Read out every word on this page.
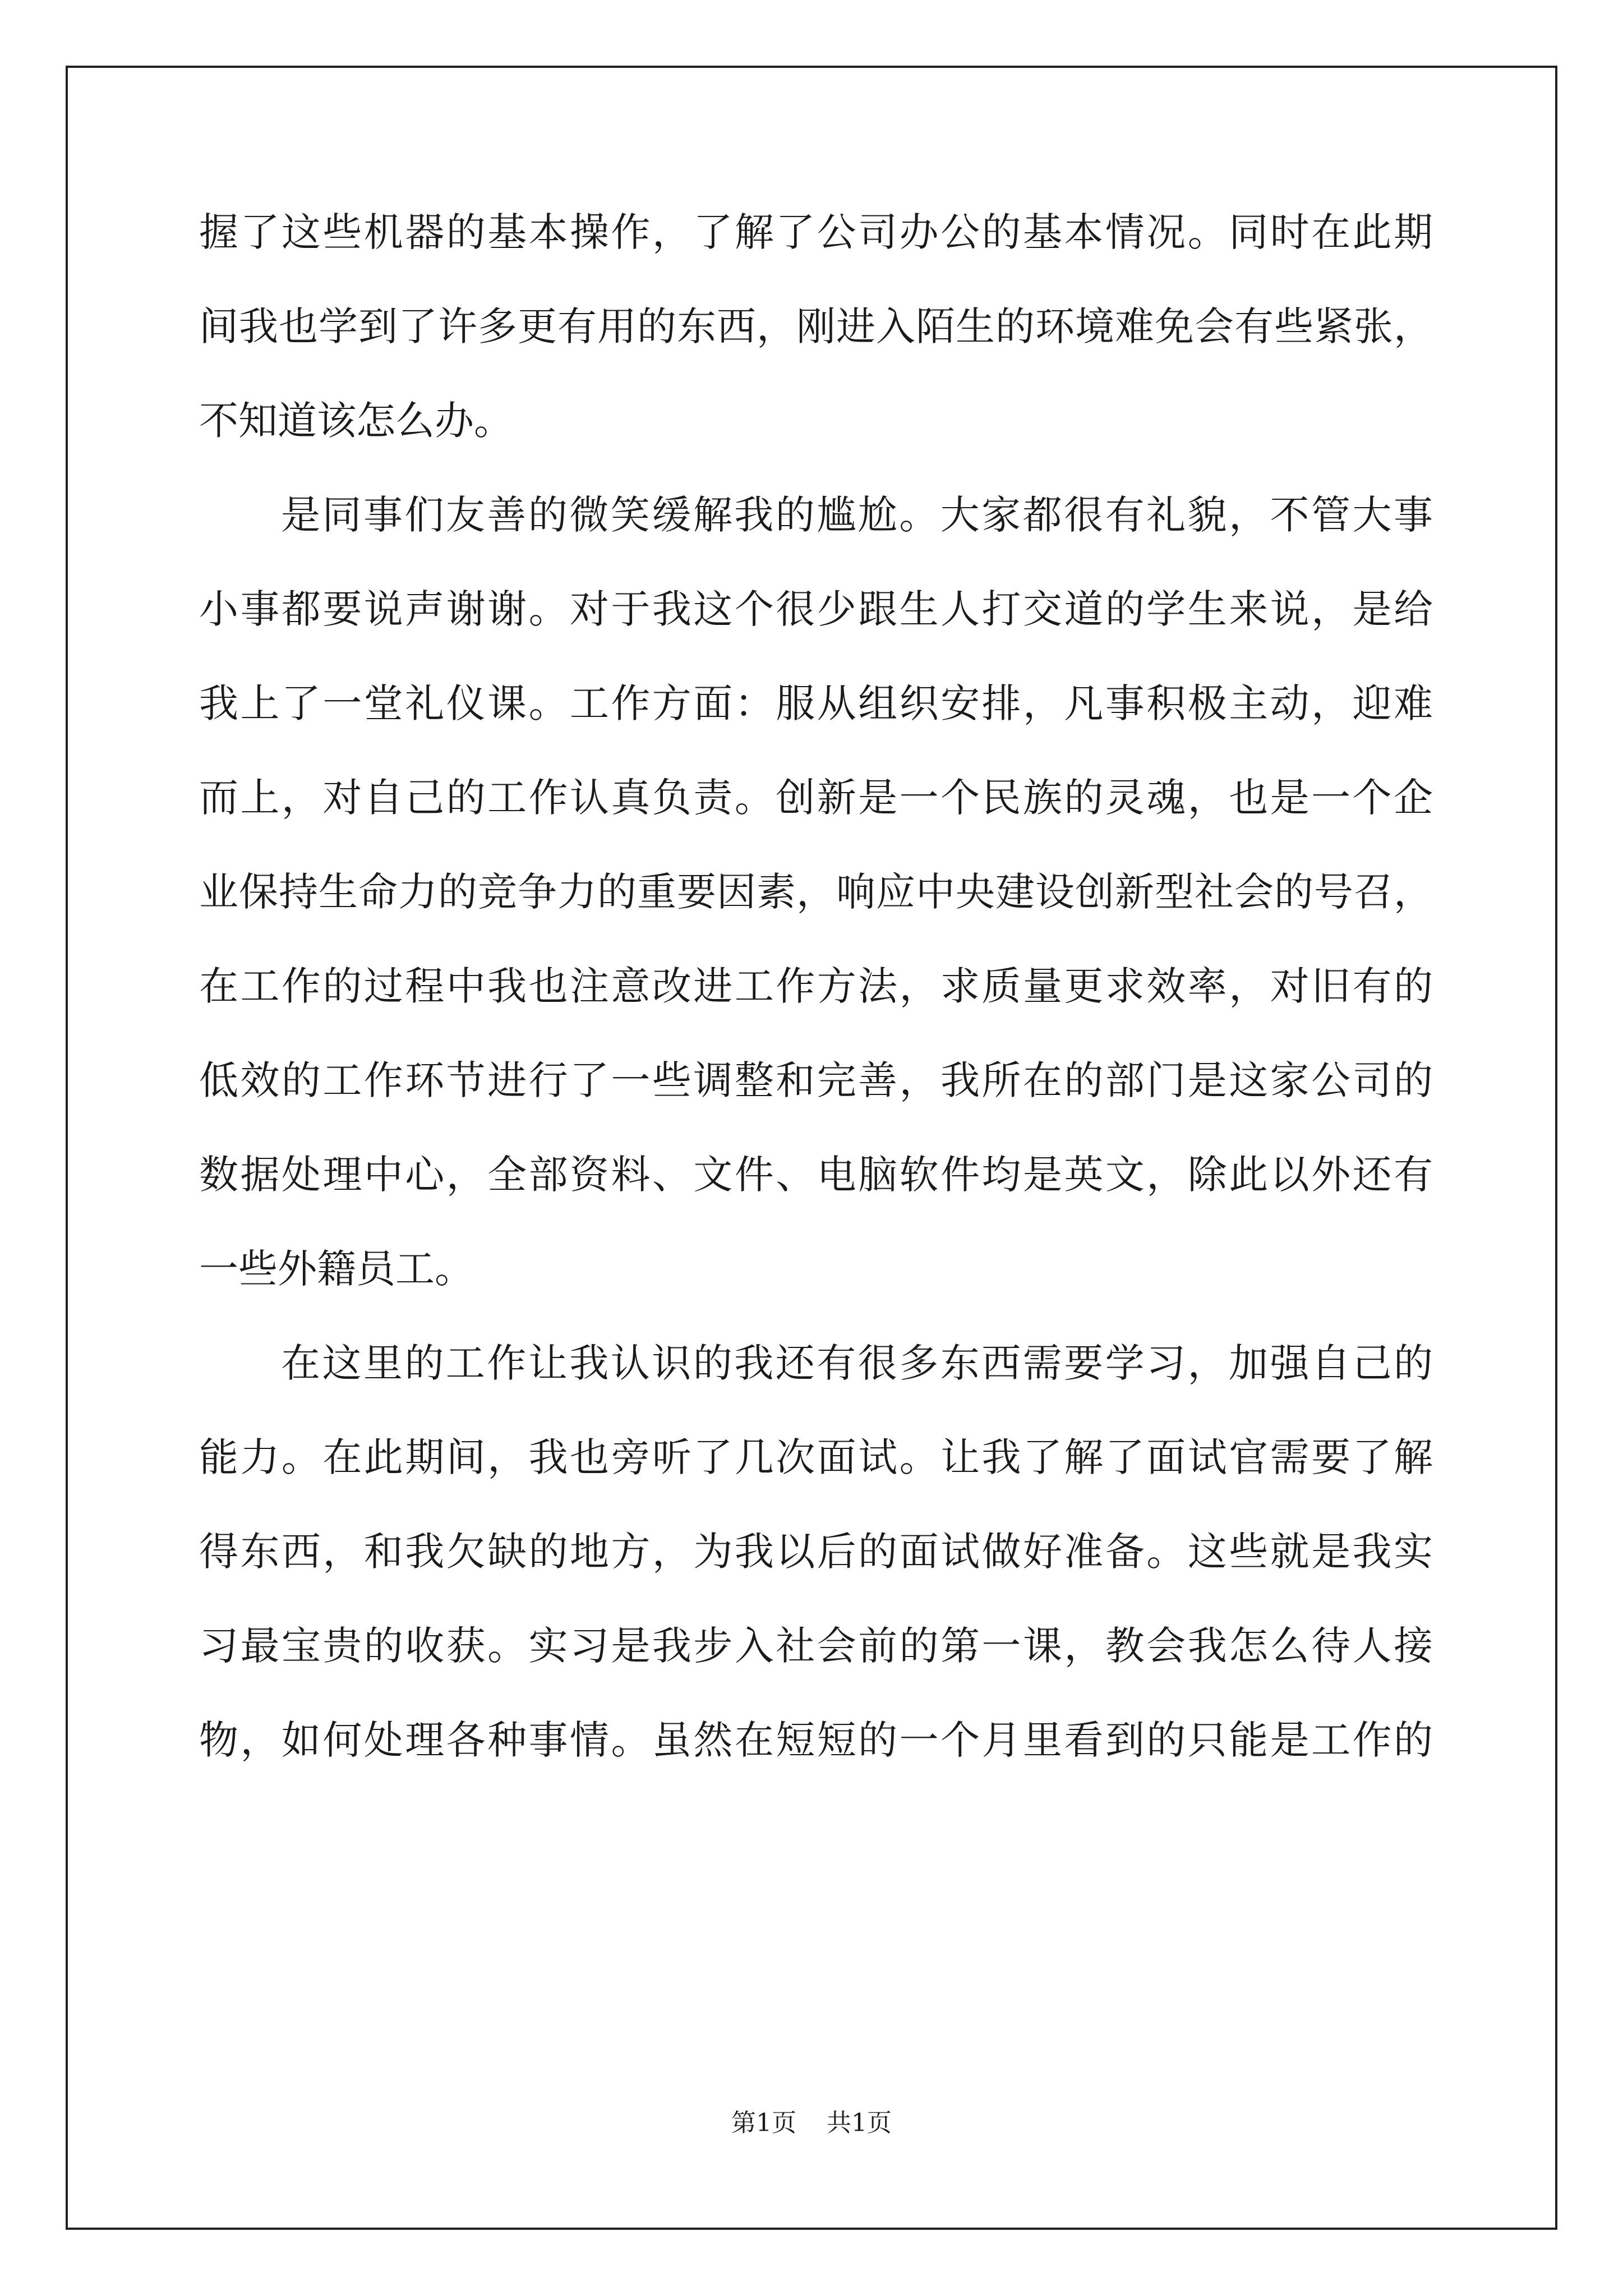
握了这些机器的基本操作，了解了公司办公的基本情况。同时在此期
间我也学到了许多更有用的东西，刚进入陌生的环境难免会有些紧张，
不知道该怎么办。
是同事们友善的微笑缓解我的尴尬。大家都很有礼貌，不管大事
小事都要说声谢谢。对于我这个很少跟生人打交道的学生来说，是给
我上了一堂礼仪课。工作方面：服从组织安排，凡事积极主动，迎难
而上，对自己的工作认真负责。创新是一个民族的灵魂，也是一个企
业保持生命力的竞争力的重要因素，响应中央建设创新型社会的号召，
在工作的过程中我也注意改进工作方法，求质量更求效率，对旧有的
低效的工作环节进行了一些调整和完善，我所在的部门是这家公司的
数据处理中心，全部资料、文件、电脑软件均是英文，除此以外还有
一些外籍员工。
在这里的工作让我认识的我还有很多东西需要学习，加强自己的
能力。在此期间，我也旁听了几次面试。让我了解了面试官需要了解
得东西，和我欠缺的地方，为我以后的面试做好准备。这些就是我实
习最宝贵的收获。实习是我步入社会前的第一课，教会我怎么待人接
物，如何处理各种事情。虽然在短短的一个月里看到的只能是工作的
第1页 共1页
